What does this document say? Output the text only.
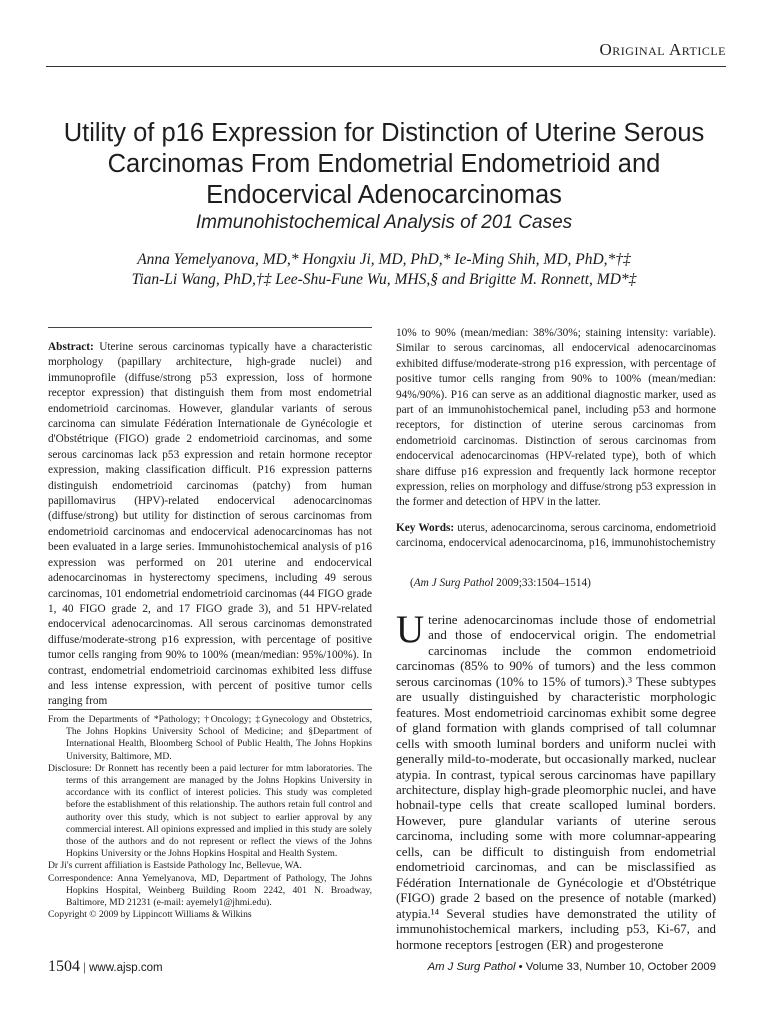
Original Article
Utility of p16 Expression for Distinction of Uterine Serous
Carcinomas From Endometrial Endometrioid and
Endocervical Adenocarcinomas
Immunohistochemical Analysis of 201 Cases
Anna Yemelyanova, MD,* Hongxiu Ji, MD, PhD,* Ie-Ming Shih, MD, PhD,*†‡
Tian-Li Wang, PhD,†‡ Lee-Shu-Fune Wu, MHS,§ and Brigitte M. Ronnett, MD*‡

Abstract: Uterine serous carcinomas typically have a characteristic morphology (papillary architecture, high-grade nuclei) and immunoprofile (diffuse/strong p53 expression, loss of hormone receptor expression) that distinguish them from most endometrial endometrioid carcinomas. However, glandular variants of serous carcinoma can simulate Fédération Internationale de Gynécologie et d'Obstétrique (FIGO) grade 2 endometrioid carcinomas, and some serous carcinomas lack p53 expression and retain hormone receptor expression, making classification difficult. P16 expression patterns distinguish endometrioid carcinomas (patchy) from human papillomavirus (HPV)-related endocervical adenocarcinomas (diffuse/strong) but utility for distinction of serous carcinomas from endometrioid carcinomas and endocervical adenocarcinomas has not been evaluated in a large series. Immunohistochemical analysis of p16 expression was performed on 201 uterine and endocervical adenocarcinomas in hysterectomy specimens, including 49 serous carcinomas, 101 endometrial endometrioid carcinomas (44 FIGO grade 1, 40 FIGO grade 2, and 17 FIGO grade 3), and 51 HPV-related endocervical adenocarcinomas. All serous carcinomas demonstrated diffuse/moderate-strong p16 expression, with percentage of positive tumor cells ranging from 90% to 100% (mean/median: 95%/100%). In contrast, endometrial endometrioid carcinomas exhibited less diffuse and less intense expression, with percent of positive tumor cells ranging from

From the Departments of *Pathology; †Oncology; ‡Gynecology and Obstetrics, The Johns Hopkins University School of Medicine; and §Department of International Health, Bloomberg School of Public Health, The Johns Hopkins University, Baltimore, MD.

Disclosure: Dr Ronnett has recently been a paid lecturer for mtm laboratories. The terms of this arrangement are managed by the Johns Hopkins University in accordance with its conflict of interest policies. This study was completed before the establishment of this relationship. The authors retain full control and authority over this study, which is not subject to earlier approval by any commercial interest. All opinions expressed and implied in this study are solely those of the authors and do not represent or reflect the views of the Johns Hopkins University or the Johns Hopkins Hospital and Health System.

Dr Ji's current affiliation is Eastside Pathology Inc, Bellevue, WA.

Correspondence: Anna Yemelyanova, MD, Department of Pathology, The Johns Hopkins Hospital, Weinberg Building Room 2242, 401 N. Broadway, Baltimore, MD 21231 (e-mail: ayemely1@jhmi.edu).

Copyright © 2009 by Lippincott Williams & Wilkins

10% to 90% (mean/median: 38%/30%; staining intensity: variable). Similar to serous carcinomas, all endocervical adenocarcinomas exhibited diffuse/moderate-strong p16 expression, with percentage of positive tumor cells ranging from 90% to 100% (mean/median: 94%/90%). P16 can serve as an additional diagnostic marker, used as part of an immunohistochemical panel, including p53 and hormone receptors, for distinction of uterine serous carcinomas from endometrioid carcinomas. Distinction of serous carcinomas from endocervical adenocarcinomas (HPV-related type), both of which share diffuse p16 expression and frequently lack hormone receptor expression, relies on morphology and diffuse/strong p53 expression in the former and detection of HPV in the latter.

Key Words: uterus, adenocarcinoma, serous carcinoma, endometrioid carcinoma, endocervical adenocarcinoma, p16, immunohistochemistry

(Am J Surg Pathol 2009;33:1504–1514)

Uterine adenocarcinomas include those of endometrial and those of endocervical origin. The endometrial carcinomas include the common endometrioid carcinomas (85% to 90% of tumors) and the less common serous carcinomas (10% to 15% of tumors).³ These subtypes are usually distinguished by characteristic morphologic features. Most endometrioid carcinomas exhibit some degree of gland formation with glands comprised of tall columnar cells with smooth luminal borders and uniform nuclei with generally mild-to-moderate, but occasionally marked, nuclear atypia. In contrast, typical serous carcinomas have papillary architecture, display high-grade pleomorphic nuclei, and have hobnail-type cells that create scalloped luminal borders. However, pure glandular variants of uterine serous carcinoma, including some with more columnar-appearing cells, can be difficult to distinguish from endometrial endometrioid carcinomas, and can be misclassified as Fédération Internationale de Gynécologie et d'Obstétrique (FIGO) grade 2 based on the presence of notable (marked) atypia.¹⁴ Several studies have demonstrated the utility of immunohistochemical markers, including p53, Ki-67, and hormone receptors [estrogen (ER) and progesterone

1504 | www.ajsp.com	Am J Surg Pathol • Volume 33, Number 10, October 2009
